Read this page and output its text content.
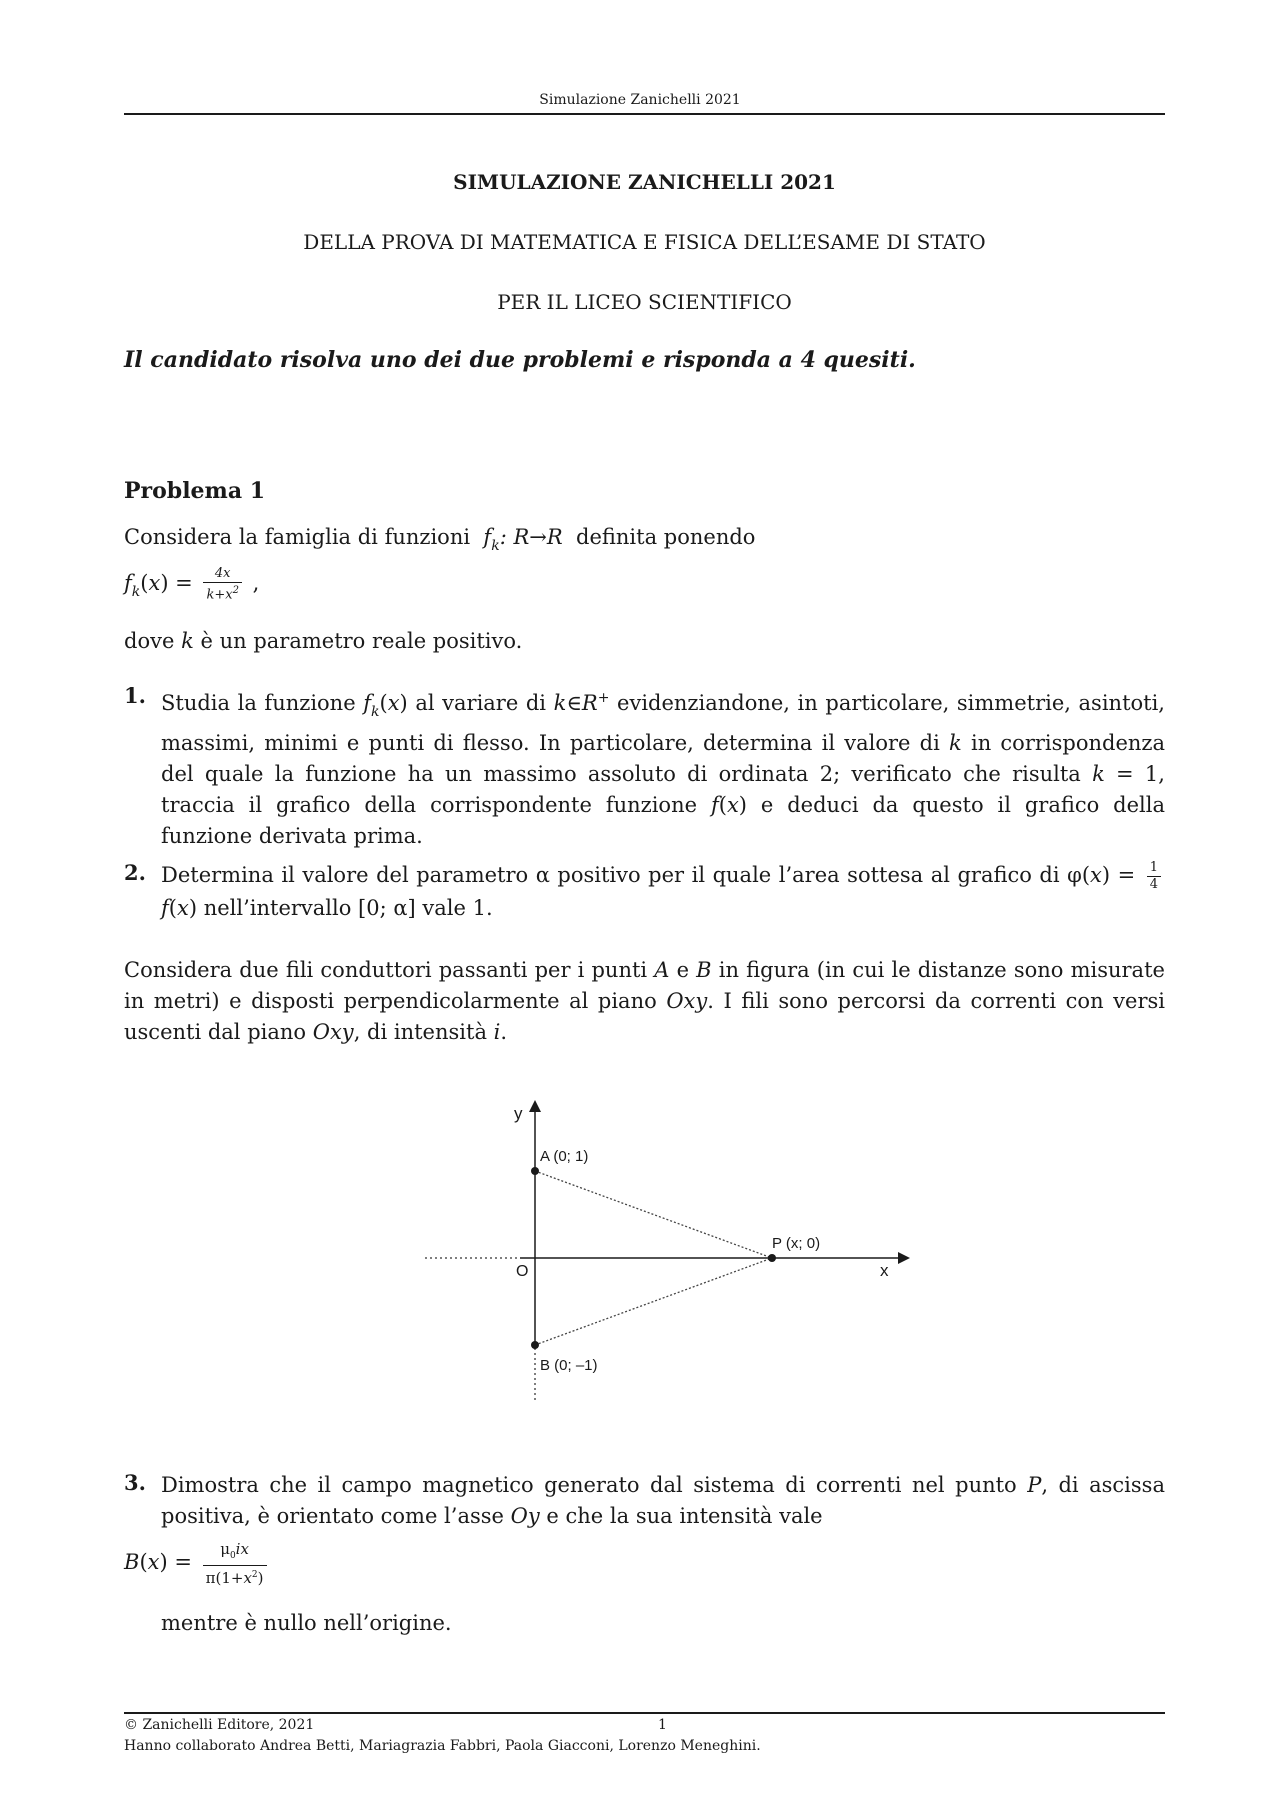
Simulazione Zanichelli 2021
SIMULAZIONE ZANICHELLI 2021
DELLA PROVA DI MATEMATICA E FISICA DELL’ESAME DI STATO
PER IL LICEO SCIENTIFICO
Il candidato risolva uno dei due problemi e risponda a 4 quesiti.
Problema 1
Considera la famiglia di funzioni $f_k$: R→R definita ponendo
$f_k(x) = \frac{4x}{k+x^2}$ ,
dove k è un parametro reale positivo.
1. Studia la funzione $f_k(x)$ al variare di k∈R+ evidenziandone, in particolare, simmetrie, asintoti, massimi, minimi e punti di flesso. In particolare, determina il valore di k in corrispondenza del quale la funzione ha un massimo assoluto di ordinata 2; verificato che risulta k = 1, traccia il grafico della corrispondente funzione f(x) e deduci da questo il grafico della funzione derivata prima.
2. Determina il valore del parametro α positivo per il quale l’area sottesa al grafico di $\varphi(x) = \frac{1}{4}$
f(x) nell’intervallo [0; α] vale 1.
Considera due fili conduttori passanti per i punti A e B in figura (in cui le distanze sono misurate in metri) e disposti perpendicolarmente al piano Oxy. I fili sono percorsi da correnti con versi uscenti dal piano Oxy, di intensità i.
y
x
O
A (0; 1)
B (0; –1)
P (x; 0)
3. Dimostra che il campo magnetico generato dal sistema di correnti nel punto P, di ascissa positiva, è orientato come l’asse Oy e che la sua intensità vale
$B(x) = \frac{\mu_0ix}{\pi(1+x^2)}$
mentre è nullo nell’origine.
© Zanichelli Editore, 2021	1
Hanno collaborato Andrea Betti, Mariagrazia Fabbri, Paola Giacconi, Lorenzo Meneghini.
